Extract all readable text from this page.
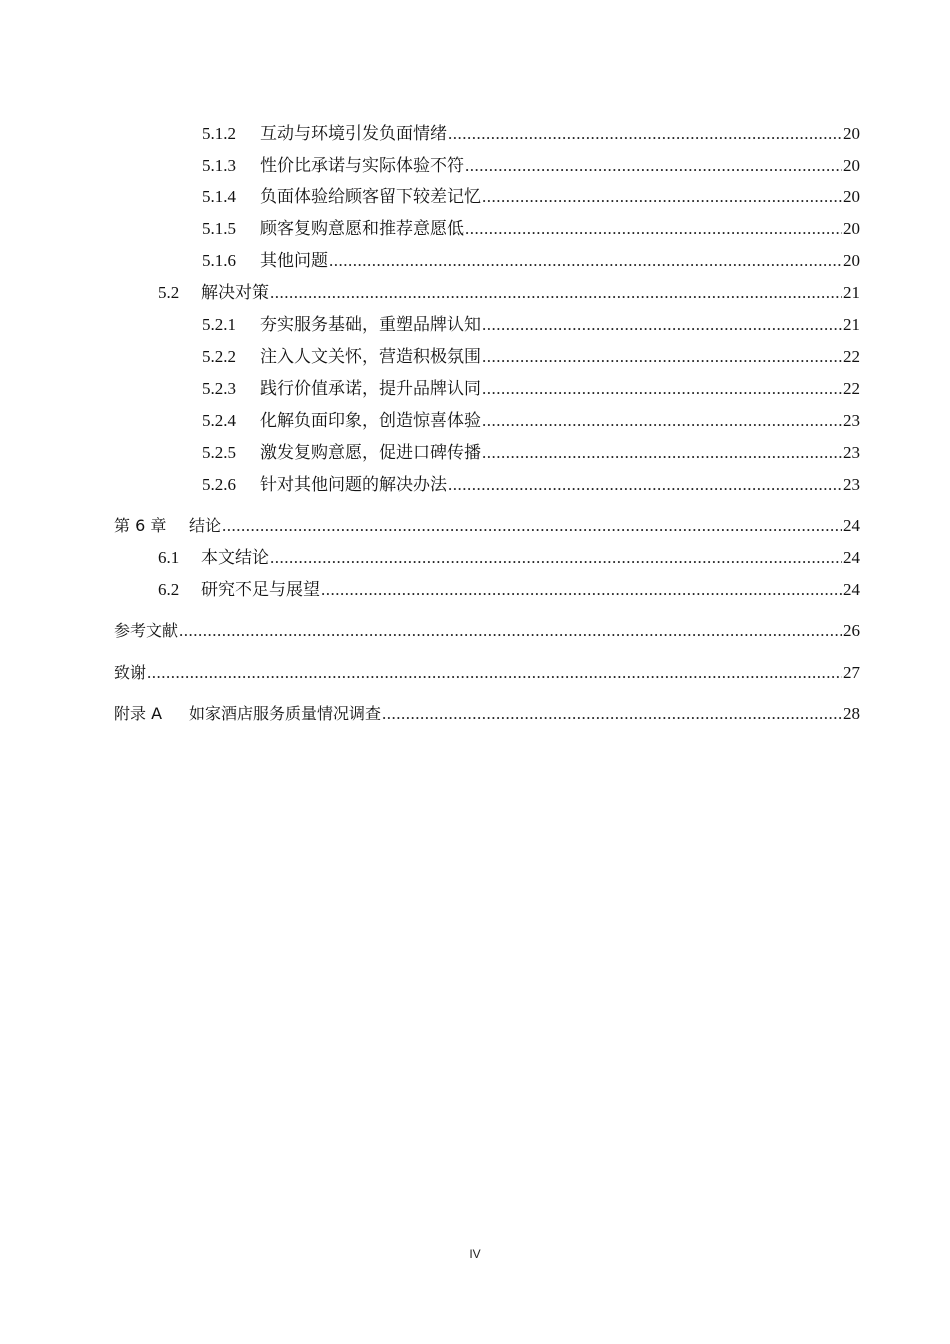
5.1.2	互动与环境引发负面情绪 .....	20
5.1.3	性价比承诺与实际体验不符 .....	20
5.1.4	负面体验给顾客留下较差记忆 .....	20
5.1.5	顾客复购意愿和推荐意愿低 .....	20
5.1.6	其他问题 .....	20
5.2	解决对策 .....	21
5.2.1	夯实服务基础，重塑品牌认知 .....	21
5.2.2	注入人文关怀，营造积极氛围 .....	22
5.2.3	践行价值承诺，提升品牌认同 .....	22
5.2.4	化解负面印象，创造惊喜体验 .....	23
5.2.5	激发复购意愿，促进口碑传播 .....	23
5.2.6	针对其他问题的解决办法 .....	23
第 6 章	结论 .....	24
6.1	本文结论 .....	24
6.2	研究不足与展望 .....	24
参考文献 .....	26
致谢 .....	27
附录 A	如家酒店服务质量情况调查 .....	28
IV
